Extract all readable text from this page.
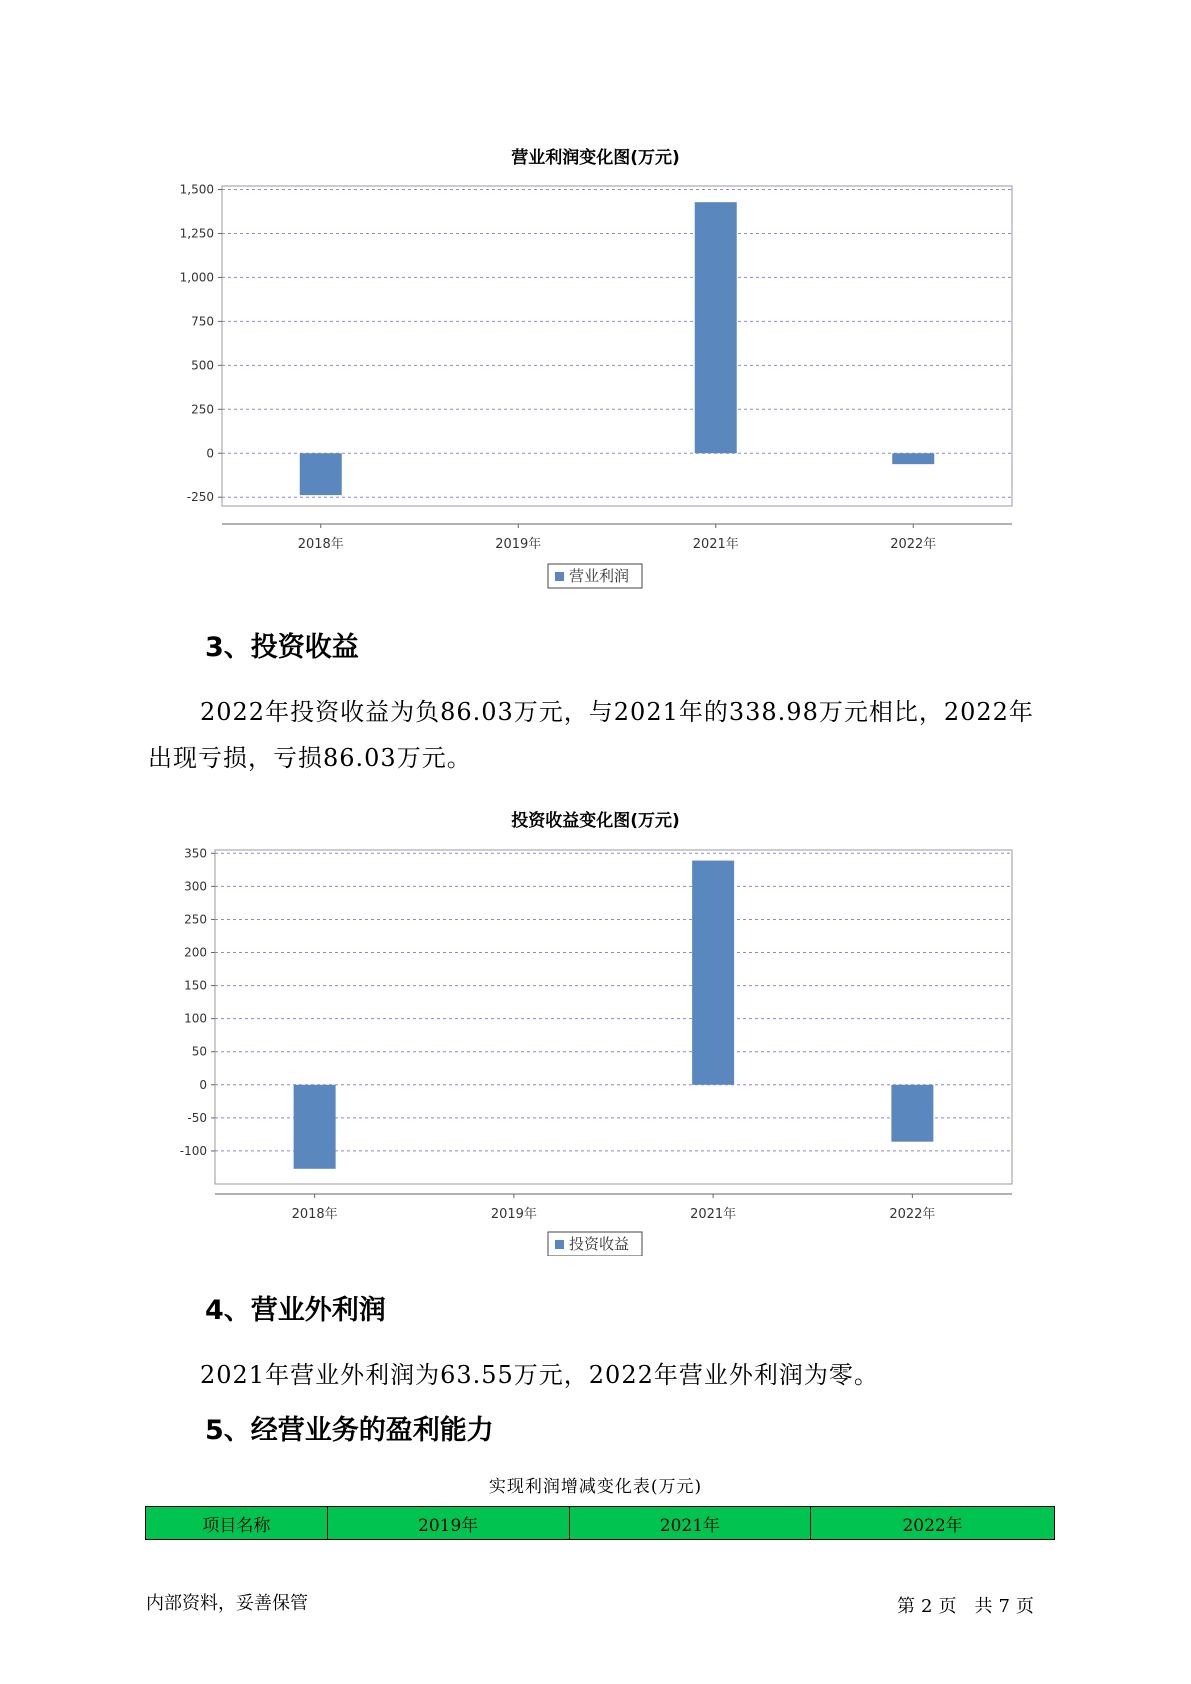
营业利润变化图(万元)
-250
0
250
500
750
1,000
1,250
1,500
2018年	2019年	2021年	2022年
营业利润
3、投资收益
2022年投资收益为负86.03万元，与2021年的338.98万元相比，2022年
出现亏损，亏损86.03万元。
投资收益变化图(万元)
-100
-50
0
50
100
150
200
250
300
350
2018年	2019年	2021年	2022年
投资收益
4、营业外利润
2021年营业外利润为63.55万元，2022年营业外利润为零。
5、经营业务的盈利能力
实现利润增减变化表(万元)
项目名称	2019年	2021年	2022年
内部资料，妥善保管	第 2 页 共 7 页
